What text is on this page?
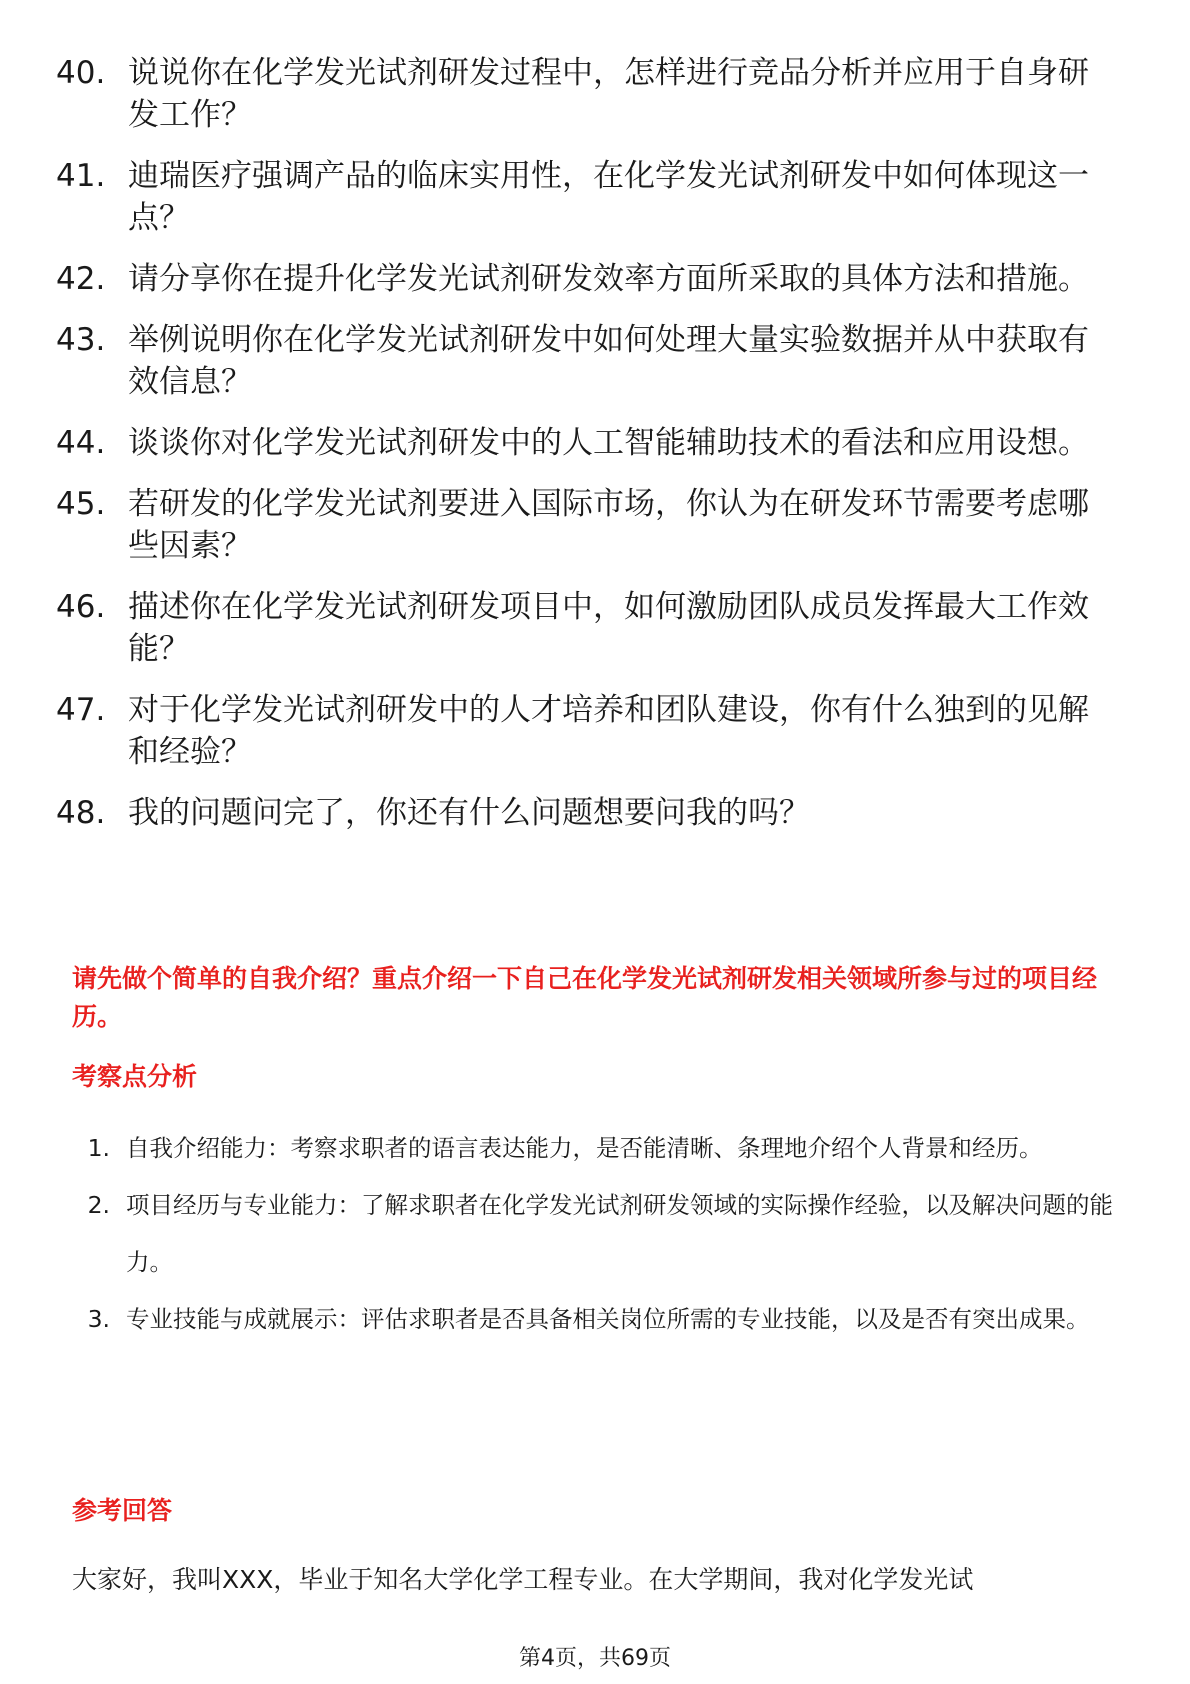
40. 说说你在化学发光试剂研发过程中，怎样进行竞品分析并应用于自身研发工作？
41. 迪瑞医疗强调产品的临床实用性，在化学发光试剂研发中如何体现这一点？
42. 请分享你在提升化学发光试剂研发效率方面所采取的具体方法和措施。
43. 举例说明你在化学发光试剂研发中如何处理大量实验数据并从中获取有效信息？
44. 谈谈你对化学发光试剂研发中的人工智能辅助技术的看法和应用设想。
45. 若研发的化学发光试剂要进入国际市场，你认为在研发环节需要考虑哪些因素？
46. 描述你在化学发光试剂研发项目中，如何激励团队成员发挥最大工作效能？
47. 对于化学发光试剂研发中的人才培养和团队建设，你有什么独到的见解和经验？
48. 我的问题问完了，你还有什么问题想要问我的吗？

请先做个简单的自我介绍？重点介绍一下自己在化学发光试剂研发相关领域所参与过的项目经历。

考察点分析

1. 自我介绍能力：考察求职者的语言表达能力，是否能清晰、条理地介绍个人背景和经历。
2. 项目经历与专业能力：了解求职者在化学发光试剂研发领域的实际操作经验，以及解决问题的能力。
3. 专业技能与成就展示：评估求职者是否具备相关岗位所需的专业技能，以及是否有突出成果。

参考回答

大家好，我叫XXX，毕业于知名大学化学工程专业。在大学期间，我对化学发光试

第4页，共69页
